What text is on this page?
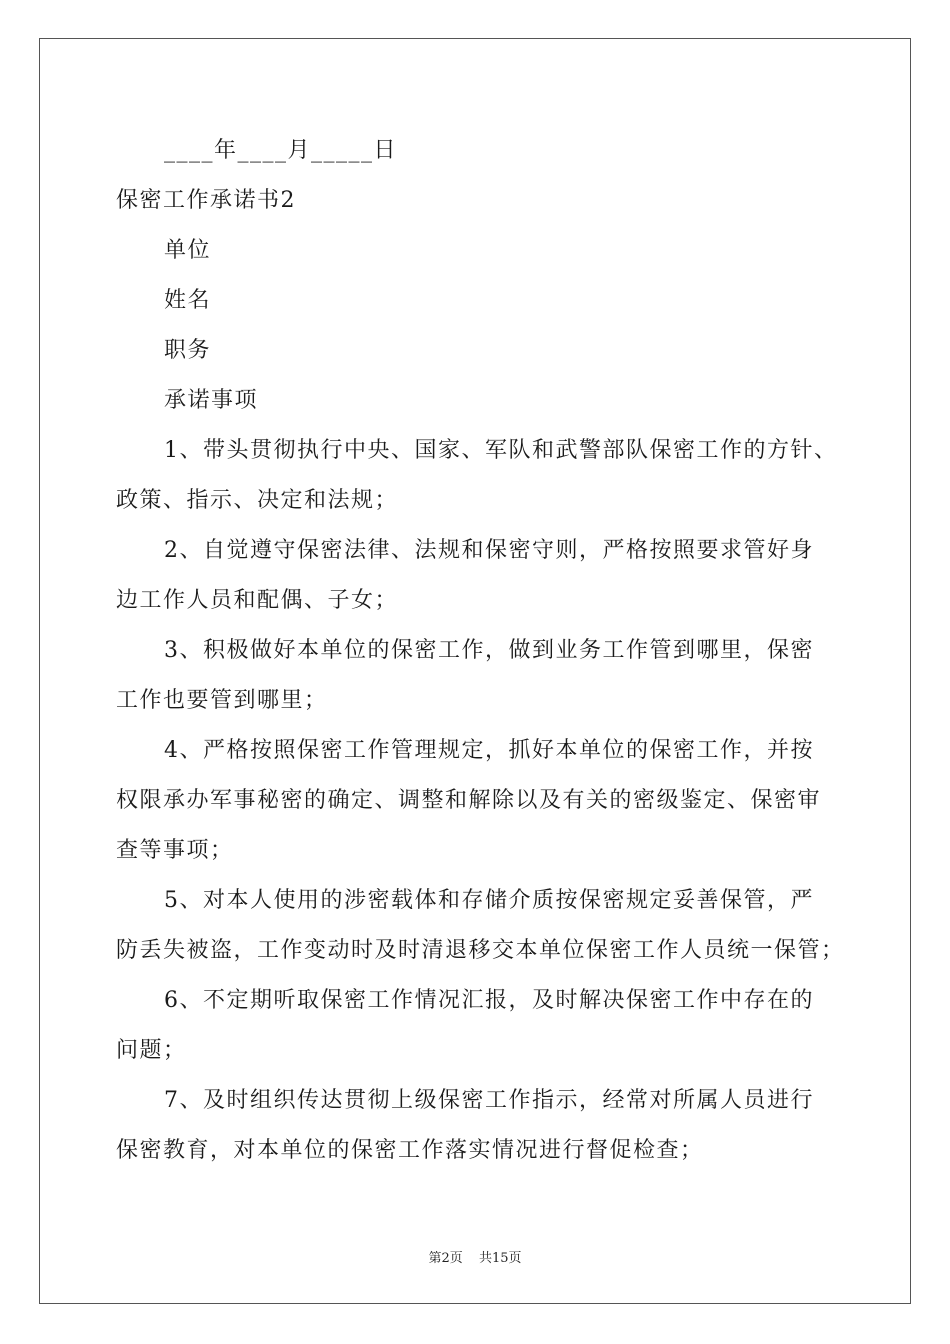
____年____月_____日
保密工作承诺书2
单位
姓名
职务
承诺事项
1、带头贯彻执行中央、国家、军队和武警部队保密工作的方针、
政策、指示、决定和法规；
2、自觉遵守保密法律、法规和保密守则，严格按照要求管好身
边工作人员和配偶、子女；
3、积极做好本单位的保密工作，做到业务工作管到哪里，保密
工作也要管到哪里；
4、严格按照保密工作管理规定，抓好本单位的保密工作，并按
权限承办军事秘密的确定、调整和解除以及有关的密级鉴定、保密审
查等事项；
5、对本人使用的涉密载体和存储介质按保密规定妥善保管，严
防丢失被盗，工作变动时及时清退移交本单位保密工作人员统一保管；
6、不定期听取保密工作情况汇报，及时解决保密工作中存在的
问题；
7、及时组织传达贯彻上级保密工作指示，经常对所属人员进行
保密教育，对本单位的保密工作落实情况进行督促检查；
第2页 共15页
